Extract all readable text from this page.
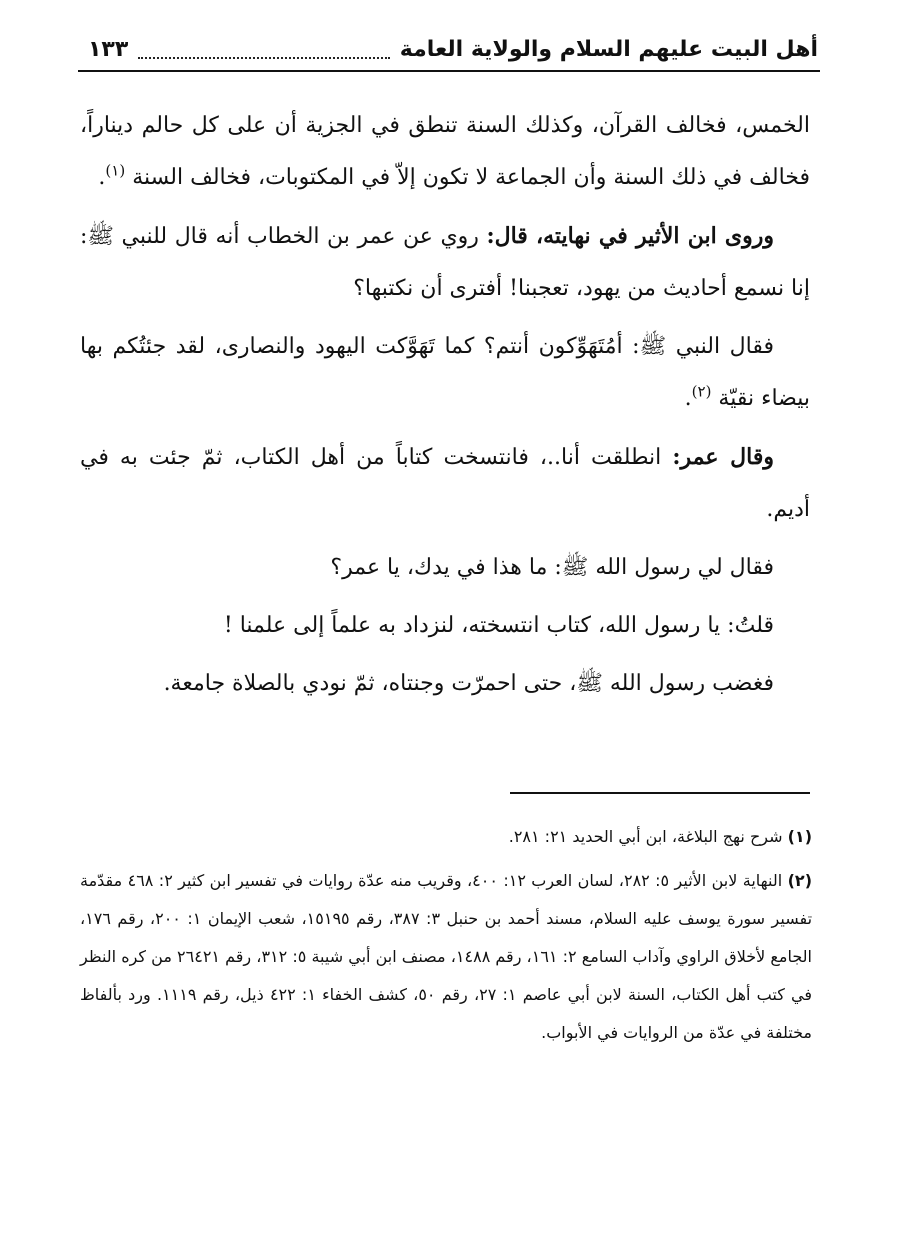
أهل البيت عليهم السلام والولاية العامة
١٣٣

الخمس، فخالف القرآن، وكذلك السنة تنطق في الجزية أن على كل حالم ديناراً، فخالف في ذلك السنة وأن الجماعة لا تكون إلاّ في المكتوبات، فخالف السنة $^{(١)}$.

وروى ابن الأثير في نهايته، قال: روي عن عمر بن الخطاب أنه قال للنبي ﷺ: إنا نسمع أحاديث من يهود، تعجبنا! أفترى أن نكتبها؟

فقال النبي ﷺ: أمُتَهَوِّكون أنتم؟ كما تَهَوَّكت اليهود والنصارى، لقد جئتُكم بها بيضاء نقيّة $^{(٢)}$.

وقال عمر: انطلقت أنا..، فانتسخت كتاباً من أهل الكتاب، ثمّ جئت به في أديم.

فقال لي رسول الله ﷺ: ما هذا في يدك، يا عمر؟

قلتُ: يا رسول الله، كتاب انتسخته، لنزداد به علماً إلى علمنا !

فغضب رسول الله ﷺ، حتى احمرّت وجنتاه، ثمّ نودي بالصلاة جامعة.

(١) شرح نهج البلاغة، ابن أبي الحديد ٢١: ٢٨١.

(٢) النهاية لابن الأثير ٥: ٢٨٢، لسان العرب ١٢: ٤٠٠، وقريب منه عدّة روايات في تفسير ابن كثير ٢: ٤٦٨ مقدّمة تفسير سورة يوسف عليه السلام، مسند أحمد بن حنبل ٣: ٣٨٧، رقم ١٥١٩٥، شعب الإيمان ١: ٢٠٠، رقم ١٧٦، الجامع لأخلاق الراوي وآداب السامع ٢: ١٦١، رقم ١٤٨٨، مصنف ابن أبي شيبة ٥: ٣١٢، رقم ٢٦٤٢١ من كره النظر في كتب أهل الكتاب، السنة لابن أبي عاصم ١: ٢٧، رقم ٥٠، كشف الخفاء ١: ٤٢٢ ذيل، رقم ١١١٩. ورد بألفاظ مختلفة في عدّة من الروايات في الأبواب.
